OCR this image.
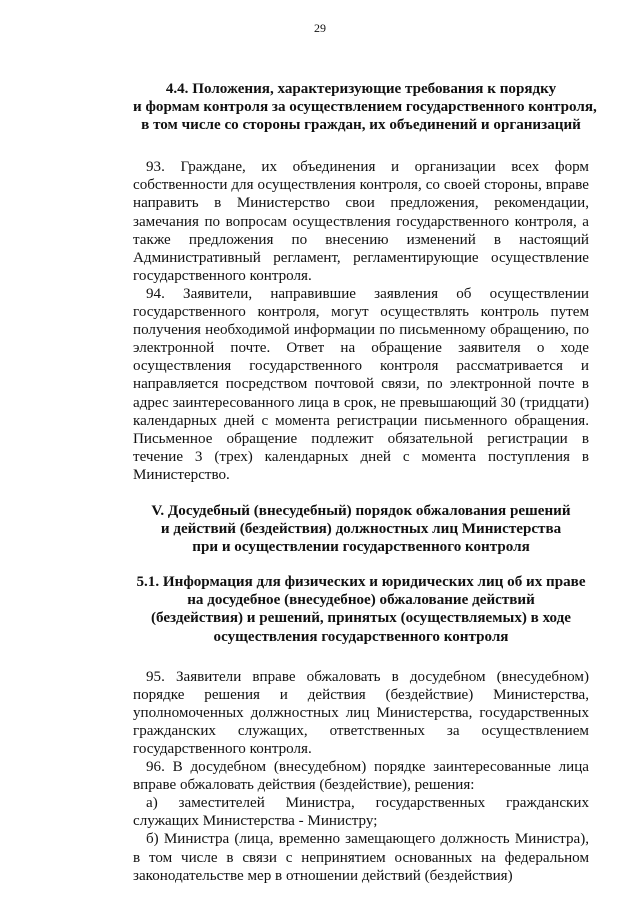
29
4.4. Положения, характеризующие требования к порядку
и формам контроля за осуществлением государственного контроля,
в том числе со стороны граждан, их объединений и организаций

93. Граждане, их объединения и организации всех форм собственности для осуществления контроля, со своей стороны, вправе направить в Министерство свои предложения, рекомендации, замечания по вопросам осуществления государственного контроля, а также предложения по внесению изменений в настоящий Административный регламент, регламентирующие осуществление государственного контроля.

94. Заявители, направившие заявления об осуществлении государственного контроля, могут осуществлять контроль путем получения необходимой информации по письменному обращению, по электронной почте. Ответ на обращение заявителя о ходе осуществления государственного контроля рассматривается и направляется посредством почтовой связи, по электронной почте в адрес заинтересованного лица в срок, не превышающий 30 (тридцати) календарных дней с момента регистрации письменного обращения. Письменное обращение подлежит обязательной регистрации в течение 3 (трех) календарных дней с момента поступления в Министерство.

V. Досудебный (внесудебный) порядок обжалования решений
и действий (бездействия) должностных лиц Министерства
при и осуществлении государственного контроля
5.1. Информация для физических и юридических лиц об их праве
на досудебное (внесудебное) обжалование действий
(бездействия) и решений, принятых (осуществляемых) в ходе
осуществления государственного контроля

95. Заявители вправе обжаловать в досудебном (внесудебном) порядке решения и действия (бездействие) Министерства, уполномоченных должностных лиц Министерства, государственных гражданских служащих, ответственных за осуществлением государственного контроля.

96. В досудебном (внесудебном) порядке заинтересованные лица вправе обжаловать действия (бездействие), решения:

а) заместителей Министра, государственных гражданских служащих Министерства - Министру;

б) Министра (лица, временно замещающего должность Министра), в том числе в связи с непринятием основанных на федеральном законодательстве мер в отношении действий (бездействия)
